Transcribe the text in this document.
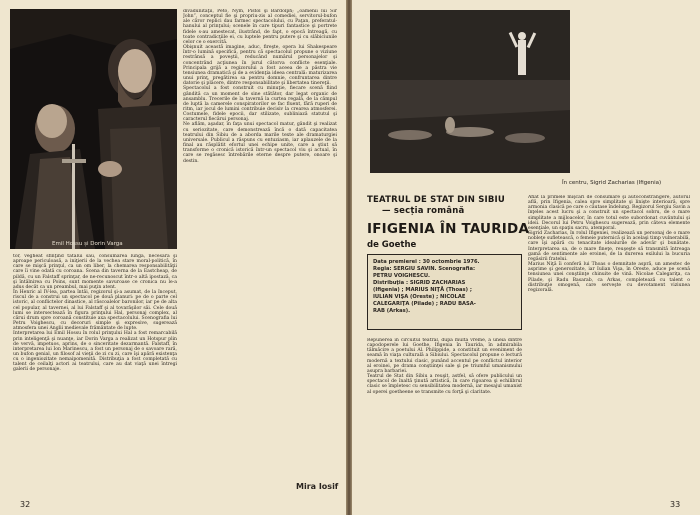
Emil Hossu și Dorin Varga

tor, vegheat sfinţind tatălui său, consumarea lungă, necesară şi aproape periculoasă, a iniţierii de la vechea stare moral-politică, în care se mişcă prinţul, ca un om liber, la chemarea responsabilităţii care îi vine odată cu coroana. Scena din taverna de la Eastcheap, de pildă, cu un Falstaff sprinţar, de ne-recunoscut într-o altă ipostază, ca şi întâlnirea cu Poins, sunt momente savuroase ce cronica nu le-a adus decât ca un preambul, mai puţin atent.

În Henric al IV-lea, partea întâi, regizorul şi-a asumat, de la început, riscul de a construi un spectacol pe două planuri: pe de o parte cel istoric, al conflictelor dinastice, al răscoalelor baronilor, iar pe de alta cel popular, al tavernei, al lui Falstaff şi al tovarăşilor săi. Cele două lumi se intersectează în figura prinţului Hal, personaj complex, al cărui drum spre coroană constituie axa spectacolului. Scenografia lui Petru Voighescu, cu decoruri simple şi expresive, sugerează atmosfera unei Anglii medievale frământate de lupte.

Interpretarea lui Emil Hossu în rolul prinţului Hal a fost remarcabilă prin inteligenţă şi nuanţe, iar Dorin Varga a realizat un Hotspur plin de vervă, impetuos, aprins, de o sinceritate dezarmantă. Falstaff, în interpretarea lui Ion Marinescu, a fost un personaj de o savoare rară, un bufon genial, un filosof al vieţii de zi cu zi, care îşi apără existenţa cu o ingeniozitate nemaipomenită. Distribuţia a fost completată cu talent de ceilalţi actori ai teatrului, care au dat viaţă unei întregi galerii de personaje.

divadunitaţii, Peto, Nym, Pistol şi Bardolph; „oamenii lui Sir John”, conceptul fie şi propriu-zis al comediei, servitorul-bufon ale căror replici dau farmec spectacolului, cu Paţan, preferatul-hanului al prinţului; scenele în care tipuri fantastice şi portrete fidele s-au amestecat, ilustrând, de fapt, o epocă întreagă, cu toate contradicţiile ei, cu luptele pentru putere şi cu slăbiciunile celor ce o exercită.

Obişnuit această imagine, aduc, fireşte, opera lui Shakespeare într-o lumină specifică, pentru că spectacolul propune o viziune restrânsă a poveştii, reducând numărul personajelor şi concentrând acţiunea în jurul câtorva conflicte esenţiale. Principala grijă a regizorului a fost aceea de a păstra vie tensiunea dramatică şi de a evidenţia ideea centrală: maturizarea unui prinţ, pregătirea sa pentru domnie, confruntarea dintre datorie şi plăcere, dintre responsabilitate şi libertatea tinereţii.

Spectacolul a fost construit cu minuţie, fiecare scenă fiind gândită ca un moment de sine stătător, dar legat organic de ansamblu. Trecerile de la tavernă la curtea regală, de la câmpul de luptă la camerele conspiratorilor se fac fluent, fără ruperi de ritm, iar jocul de lumini contribuie decisiv la crearea atmosferei. Costumele, fidele epocii, dar stilizate, subliniază statutul şi caracterul fiecărui personaj.

Ne aflăm, aşadar, în faţa unui spectacol matur, gândit şi realizat cu seriozitate, care demonstrează încă o dată capacitatea teatrului din Sibiu de a aborda marile texte ale dramaturgiei universale. Publicul a răspuns cu entuziasm, iar aplauzele de la final au răsplătit efortul unei echipe unite, care a ştiut să transforme o cronică istorică într-un spectacol viu şi actual, în care se regăsesc întrebările eterne despre putere, onoare şi destin.

Mira Iosif
32
În centru, Sigrid Zacharias (Ifigenia)
TEATRUL DE STAT DIN SIBIU
— secția română
IFIGENIA ÎN TAURIDA
de Goethe
Data premierei : 30 octombrie 1976.
Regia: SERGIU SAVIN. Scenografia:
PETRU VOIGHESCU.
Distribuţia : SIGRID ZACHARIAS
(Ifigenia) ; MARIUS NIŢĂ (Thoas) ;
IULIAN VIŞA (Oreste) ; NICOLAE
CALEGARIŢA (Pilade) ; RADU BASA-
RAB (Arkas).

Repunerea în circuitul teatral, după multă vreme, a uneia dintre capodoperele lui Goethe, Ifigenia în Taurida, în admirabila tălmăcire a poetului Al. Philippide, a constituit un eveniment de seamă în viaţa culturală a Sibiului. Spectacolul propune o lectură modernă a textului clasic, punând accentul pe conflictul interior al eroinei, pe drama conştiinţei sale şi pe triumful umanismului asupra barbariei.

Teatrul de Stat din Sibiu a reuşit, astfel, să ofere publicului un spectacol de înaltă ţinută artistică, în care rigoarea şi echilibrul clasic se împletesc cu sensibilitatea modernă, iar mesajul umanist al operei goetheene se transmite cu forţă şi claritate.

Afiat la primele mişcări de consumare şi autoconstrângere, autorul află, prin Ifigenia, calea spre simplitate şi linişte interioară, spre armonia clasică pe care o căutase îndelung. Regizorul Sergiu Savin a înţeles acest lucru şi a construit un spectacol sobru, de o mare simplitate a mijloacelor, în care totul este subordonat cuvântului şi ideii. Decorul lui Petru Voighescu sugerează, prin câteva elemente esenţiale, un spaţiu sacru, atemporal.

Sigrid Zacharias, în rolul Ifigeniei, realizează un personaj de o mare nobleţe sufletească, o femeie puternică şi în acelaşi timp vulnerabilă, care îşi apără cu tenacitate idealurile de adevăr şi bunătate. Interpretarea sa, de o mare fineţe, reuşeşte să transmită întreaga gamă de sentimente ale eroinei, de la durerea exilului la bucuria regăsirii fratelui.

Marius Niţă îi conferă lui Thoas o demnitate aspră, un amestec de asprime şi generozitate, iar Iulian Vişa, în Oreste, aduce pe scenă tensiunea unei conştiinţe chinuite de vină. Nicolae Calegariţa, ca Pilade, şi Radu Basarab, ca Arkas, completează cu talent o distribuţie omogenă, care serveşte cu devotament viziunea regizorală.

33
